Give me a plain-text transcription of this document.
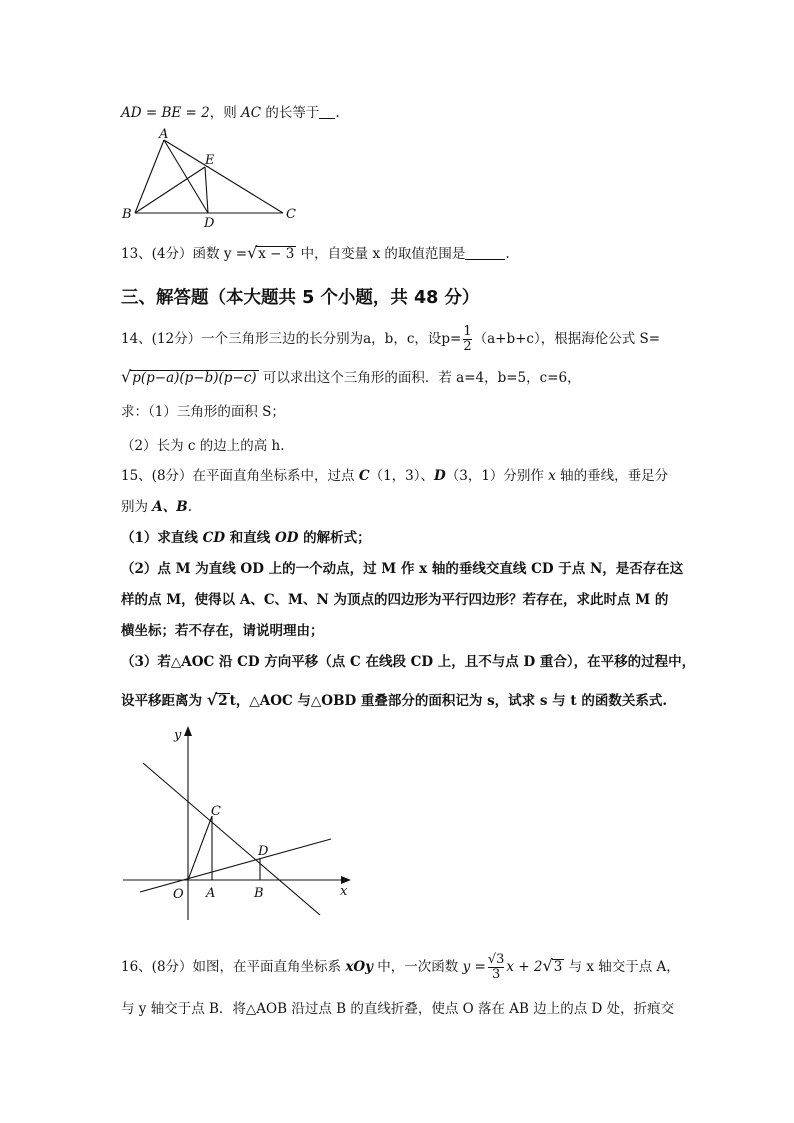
AD = BE = 2，则 AC 的长等于 .
A
E
B
D
C
13、(4分）函数 y =√x − 3 中，自变量 x 的取值范围是	.
三、解答题（本大题共 5 个小题，共 48 分）
14、(12分）一个三角形三边的长分别为a，b，c，设$p= \frac{1}{2} (a+b+c)$，根据海伦公式 S=
√p(p−a)(p−b)(p−c) 可以求出这个三角形的面积．若 a=4，b=5，c=6，
求：（1）三角形的面积 S；
（2）长为 c 的边上的高 h.
15、(8分）在平面直角坐标系中，过点 C（1，3）、D（3，1）分别作 x 轴的垂线，垂足分
别为 A、B.
（1）求直线 CD 和直线 OD 的解析式；
（2）点 M 为直线 OD 上的一个动点，过 M 作 x 轴的垂线交直线 CD 于点 N，是否存在这
样的点 M，使得以 A、C、M、N 为顶点的四边形为平行四边形？若存在，求此时点 M 的
横坐标；若不存在，请说明理由；
（3）若△AOC 沿 CD 方向平移（点 C 在线段 CD 上，且不与点 D 重合），在平移的过程中，
设平移距离为 √2 t，△AOC 与△OBD 重叠部分的面积记为 s，试求 s 与 t 的函数关系式.
y
x
O A	B
C
D
16、(8分）如图，在平面直角坐标系 xOy 中，一次函数 $y = \frac{√3}{3}$ x + 2√3 与 x 轴交于点 A，
与 y 轴交于点 B．将△AOB 沿过点 B 的直线折叠，使点 O 落在 AB 边上的点 D 处，折痕交
